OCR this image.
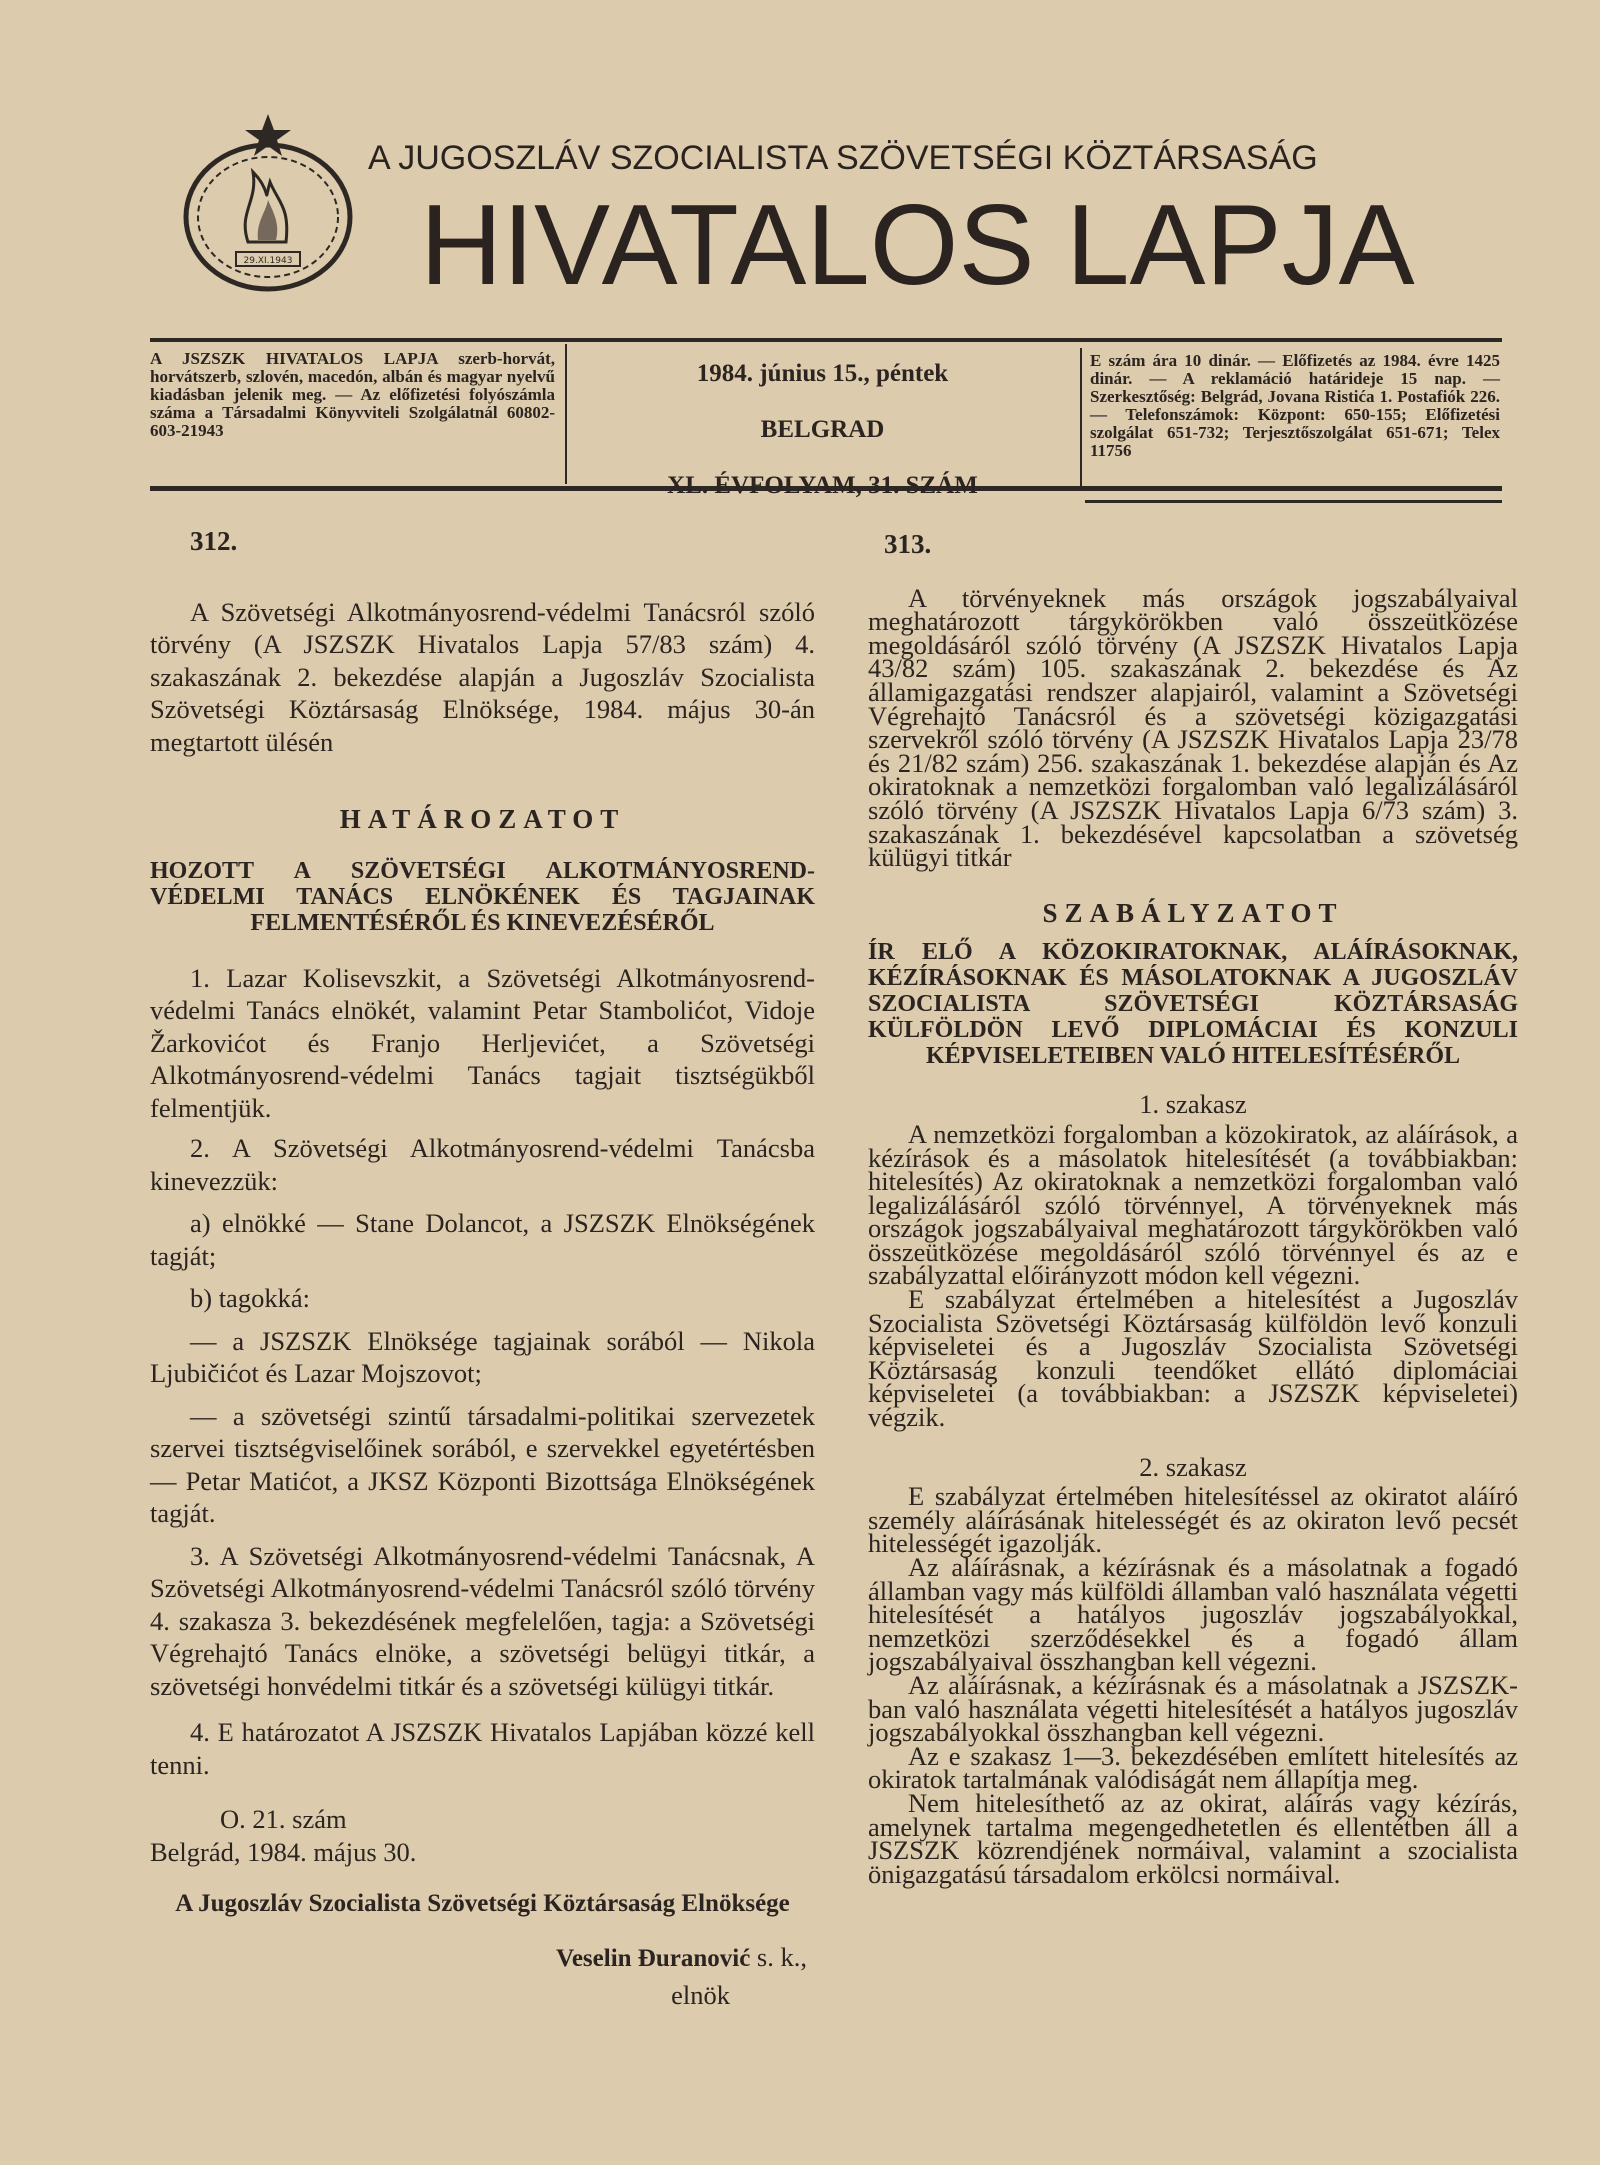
29.XI.1943
A JUGOSZLÁV SZOCIALISTA SZÖVETSÉGI KÖZTÁRSASÁG
HIVATALOS LAPJA
A JSZSZK HIVATALOS LAPJA szerb-horvát, horvátszerb, szlovén, macedón, albán és magyar nyelvű kiadásban jelenik meg. — Az előfizetési folyószámla száma a Társadalmi Könyvviteli Szolgálatnál 60802-603-21943
1984. június 15., péntek
BELGRAD
XL. ÉVFOLYAM, 31. SZÁM
E szám ára 10 dinár. — Előfizetés az 1984. évre 1425 dinár. — A reklamáció határideje 15 nap. — Szerkesztőség: Belgrád, Jovana Ristića 1. Postafiók 226. — Telefonszámok: Központ: 650-155; Előfizetési szolgálat 651-732; Terjesztőszolgálat 651-671; Telex 11756
312.

A Szövetségi Alkotmányosrend-védelmi Tanácsról szóló törvény (A JSZSZK Hivatalos Lapja 57/83 szám) 4. szakaszának 2. bekezdése alapján a Jugoszláv Szocialista Szövetségi Köztársaság Elnöksége, 1984. május 30-án megtartott ülésén

HATÁROZATOT
HOZOTT A SZÖVETSÉGI ALKOTMÁNYOSREND-VÉDELMI TANÁCS ELNÖKÉNEK ÉS TAGJAINAK FELMENTÉSÉRŐL ÉS KINEVEZÉSÉRŐL

1. Lazar Kolisevszkit, a Szövetségi Alkotmányosrend-védelmi Tanács elnökét, valamint Petar Stambolićot, Vidoje Žarkovićot és Franjo Herljevićet, a Szövetségi Alkotmányosrend-védelmi Tanács tagjait tisztségükből felmentjük.

2. A Szövetségi Alkotmányosrend-védelmi Tanácsba kinevezzük:

a) elnökké — Stane Dolancot, a JSZSZK Elnökségének tagját;

b) tagokká:

— a JSZSZK Elnöksége tagjainak sorából — Nikola Ljubičićot és Lazar Mojszovot;

— a szövetségi szintű társadalmi-politikai szervezetek szervei tisztségviselőinek sorából, e szervekkel egyetértésben — Petar Matićot, a JKSZ Központi Bizottsága Elnökségének tagját.

3. A Szövetségi Alkotmányosrend-védelmi Tanácsnak, A Szövetségi Alkotmányosrend-védelmi Tanácsról szóló törvény 4. szakasza 3. bekezdésének megfelelően, tagja: a Szövetségi Végrehajtó Tanács elnöke, a szövetségi belügyi titkár, a szövetségi honvédelmi titkár és a szövetségi külügyi titkár.

4. E határozatot A JSZSZK Hivatalos Lapjában közzé kell tenni.

O. 21. szám

Belgrád, 1984. május 30.

A Jugoszláv Szocialista Szövetségi Köztársaság Elnöksége
Veselin Đuranović s. k.,
elnök
313.

A törvényeknek más országok jogszabályaival meghatározott tárgykörökben való összeütközése megoldásáról szóló törvény (A JSZSZK Hivatalos Lapja 43/82 szám) 105. szakaszának 2. bekezdése és Az államigazgatási rendszer alapjairól, valamint a Szövetségi Végrehajtó Tanácsról és a szövetségi közigazgatási szervekről szóló törvény (A JSZSZK Hivatalos Lapja 23/78 és 21/82 szám) 256. szakaszának 1. bekezdése alapján és Az okiratoknak a nemzetközi forgalomban való legalizálásáról szóló törvény (A JSZSZK Hivatalos Lapja 6/73 szám) 3. szakaszának 1. bekezdésével kapcsolatban a szövetség külügyi titkár

SZABÁLYZATOT
ÍR ELŐ A KÖZOKIRATOKNAK, ALÁÍRÁSOKNAK, KÉZÍRÁSOKNAK ÉS MÁSOLATOKNAK A JUGOSZLÁV SZOCIALISTA SZÖVETSÉGI KÖZTÁRSASÁG KÜLFÖLDÖN LEVŐ DIPLOMÁCIAI ÉS KONZULI KÉPVISELETEIBEN VALÓ HITELESÍTÉSÉRŐL

1. szakasz

A nemzetközi forgalomban a közokiratok, az aláírások, a kézírások és a másolatok hitelesítését (a továbbiakban: hitelesítés) Az okiratoknak a nemzetközi forgalomban való legalizálásáról szóló törvénnyel, A törvényeknek más országok jogszabályaival meghatározott tárgykörökben való összeütközése megoldásáról szóló törvénnyel és az e szabályzattal előirányzott módon kell végezni.

E szabályzat értelmében a hitelesítést a Jugoszláv Szocialista Szövetségi Köztársaság külföldön levő konzuli képviseletei és a Jugoszláv Szocialista Szövetségi Köztársaság konzuli teendőket ellátó diplomáciai képviseletei (a továbbiakban: a JSZSZK képviseletei) végzik.

2. szakasz

E szabályzat értelmében hitelesítéssel az okiratot aláíró személy aláírásának hitelességét és az okiraton levő pecsét hitelességét igazolják.

Az aláírásnak, a kézírásnak és a másolatnak a fogadó államban vagy más külföldi államban való használata végetti hitelesítését a hatályos jugoszláv jogszabályokkal, nemzetközi szerződésekkel és a fogadó állam jogszabályaival összhangban kell végezni.

Az aláírásnak, a kézírásnak és a másolatnak a JSZSZK-ban való használata végetti hitelesítését a hatályos jugoszláv jogszabályokkal összhangban kell végezni.

Az e szakasz 1—3. bekezdésében említett hitelesítés az okiratok tartalmának valódiságát nem állapítja meg.

Nem hitelesíthető az az okirat, aláírás vagy kézírás, amelynek tartalma megengedhetetlen és ellentétben áll a JSZSZK közrendjének normáival, valamint a szocialista önigazgatású társadalom erkölcsi normáival.
